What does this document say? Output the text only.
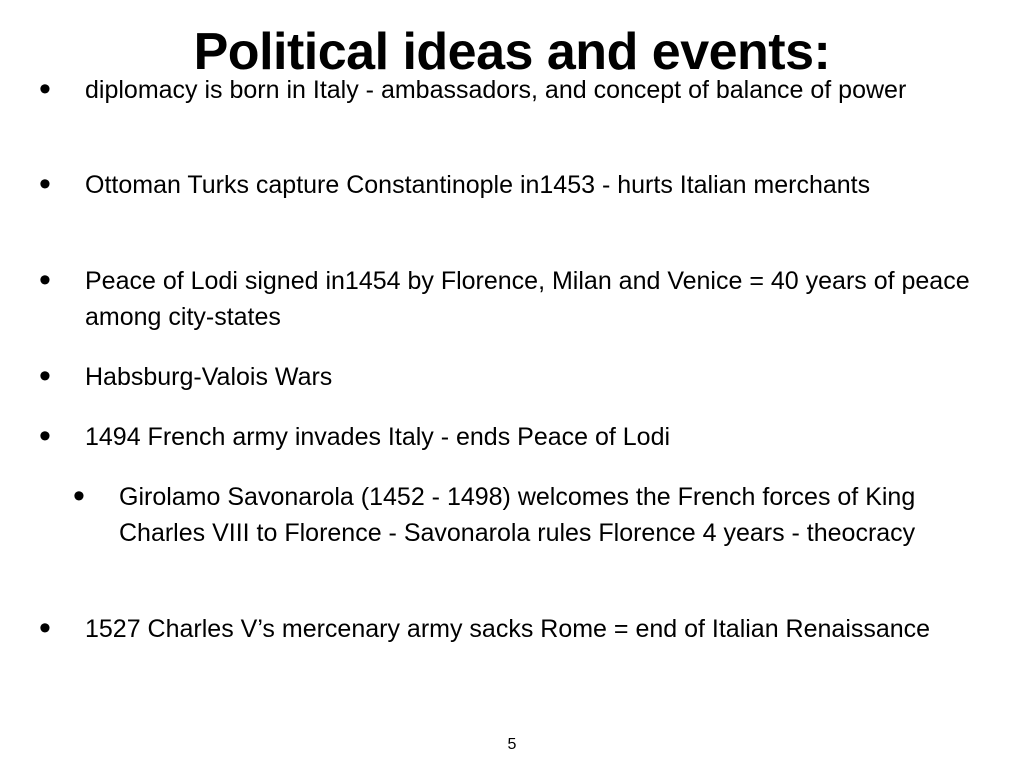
Political ideas and events:
• diplomacy is born in Italy - ambassadors, and concept of balance of power
• Ottoman Turks capture Constantinople in1453 - hurts Italian merchants
• Peace of Lodi signed in1454 by Florence, Milan and Venice = 40 years of peace among city-states
• Habsburg-Valois Wars
• 1494 French army invades Italy - ends Peace of Lodi
• Girolamo Savonarola (1452 - 1498) welcomes the French forces of King Charles VIII to Florence - Savonarola rules Florence 4 years - theocracy
• 1527 Charles V’s mercenary army sacks Rome = end of Italian Renaissance
5
